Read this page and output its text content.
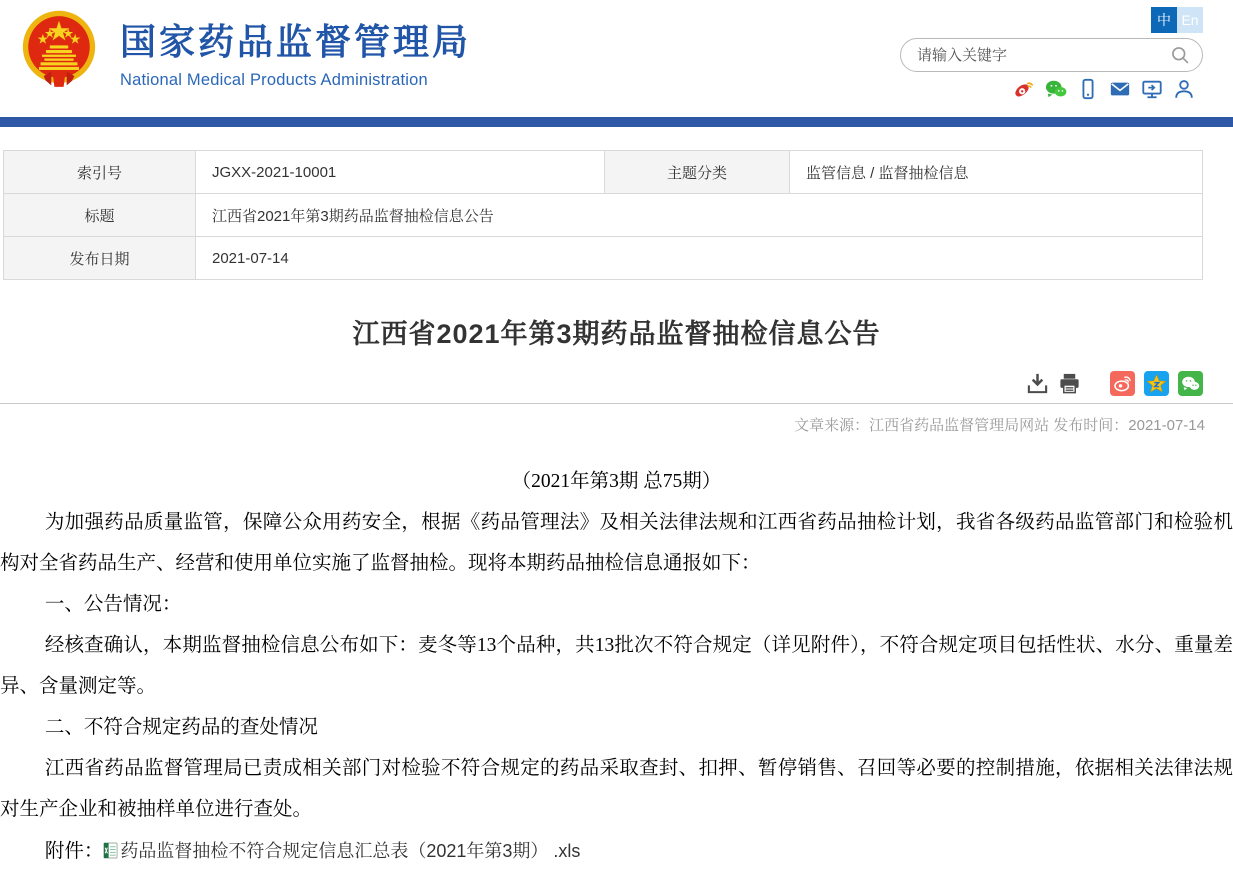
国家药品监督管理局
National Medical Products Administration
中 En
请输入关键字
索引号	JGXX-2021-10001	主题分类	监管信息 / 监督抽检信息
标题	江西省2021年第3期药品监督抽检信息公告		
发布日期	2021-07-14		
江西省2021年第3期药品监督抽检信息公告
文章来源：江西省药品监督管理局网站 发布时间：2021-07-14

（2021年第3期 总75期）

为加强药品质量监管，保障公众用药安全，根据《药品管理法》及相关法律法规和江西省药品抽检计划，我省各级药品监管部门和检验机构对全省药品生产、经营和使用单位实施了监督抽检。现将本期药品抽检信息通报如下：

一、公告情况：

经核查确认，本期监督抽检信息公布如下：麦冬等13个品种，共13批次不符合规定（详见附件），不符合规定项目包括性状、水分、重量差异、含量测定等。

二、不符合规定药品的查处情况

江西省药品监督管理局已责成相关部门对检验不符合规定的药品采取查封、扣押、暂停销售、召回等必要的控制措施，依据相关法律法规对生产企业和被抽样单位进行查处。

附件： 药品监督抽检不符合规定信息汇总表（2021年第3期） .xls
